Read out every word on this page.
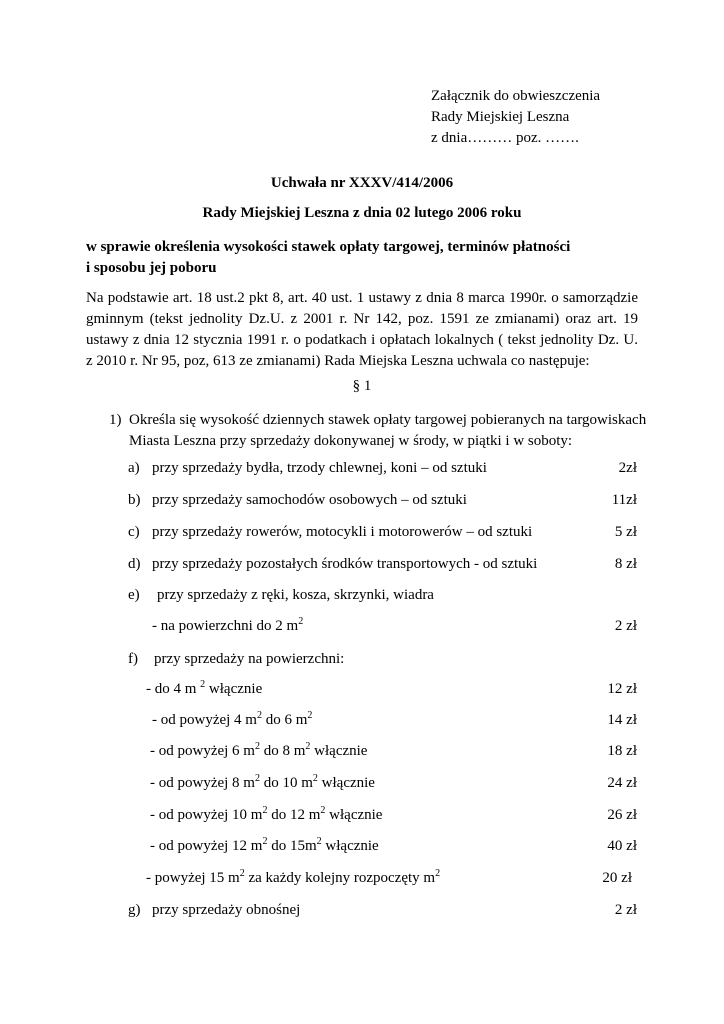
Załącznik do obwieszczenia
Rady Miejskiej Leszna
z dnia……… poz. …….
Uchwała nr XXXV/414/2006
Rady Miejskiej Leszna z dnia 02 lutego 2006 roku
w sprawie określenia wysokości stawek opłaty targowej, terminów płatności
i sposobu jej poboru
Na podstawie art. 18 ust.2 pkt 8, art. 40 ust. 1 ustawy z dnia 8 marca 1990r. o samorządzie
gminnym (tekst jednolity Dz.U. z 2001 r. Nr 142, poz. 1591 ze zmianami) oraz art. 19
ustawy z dnia 12 stycznia 1991 r. o podatkach i opłatach lokalnych ( tekst jednolity Dz. U.
z 2010 r. Nr 95, poz, 613 ze zmianami) Rada Miejska Leszna uchwala co następuje:
§ 1
1) Określa się wysokość dziennych stawek opłaty targowej pobieranych na targowiskach
Miasta Leszna przy sprzedaży dokonywanej w środy, w piątki i w soboty:
a) przy sprzedaży bydła, trzody chlewnej, koni – od sztuki	2zł
b) przy sprzedaży samochodów osobowych – od sztuki	11zł
c) przy sprzedaży rowerów, motocykli i motorowerów – od sztuki	5 zł
d) przy sprzedaży pozostałych środków transportowych - od sztuki	8 zł
e) przy sprzedaży z ręki, kosza, skrzynki, wiadra
- na powierzchni do 2 $m^2$	2 zł
f) przy sprzedaży na powierzchni:
- do 4 m $^2$ włącznie	12 zł
- od powyżej 4 $m^2$ do 6 $m^2$	14 zł
- od powyżej 6 $m^2$ do 8 $m^2$ włącznie	18 zł
- od powyżej 8 $m^2$ do 10 $m^2$ włącznie	24 zł
- od powyżej 10 $m^2$ do 12 $m^2$ włącznie	26 zł
- od powyżej 12 $m^2$ do $15m^2$ włącznie	40 zł
- powyżej 15 $m^2$ za każdy kolejny rozpoczęty $m^2$	20 zł
g) przy sprzedaży obnośnej	2 zł
